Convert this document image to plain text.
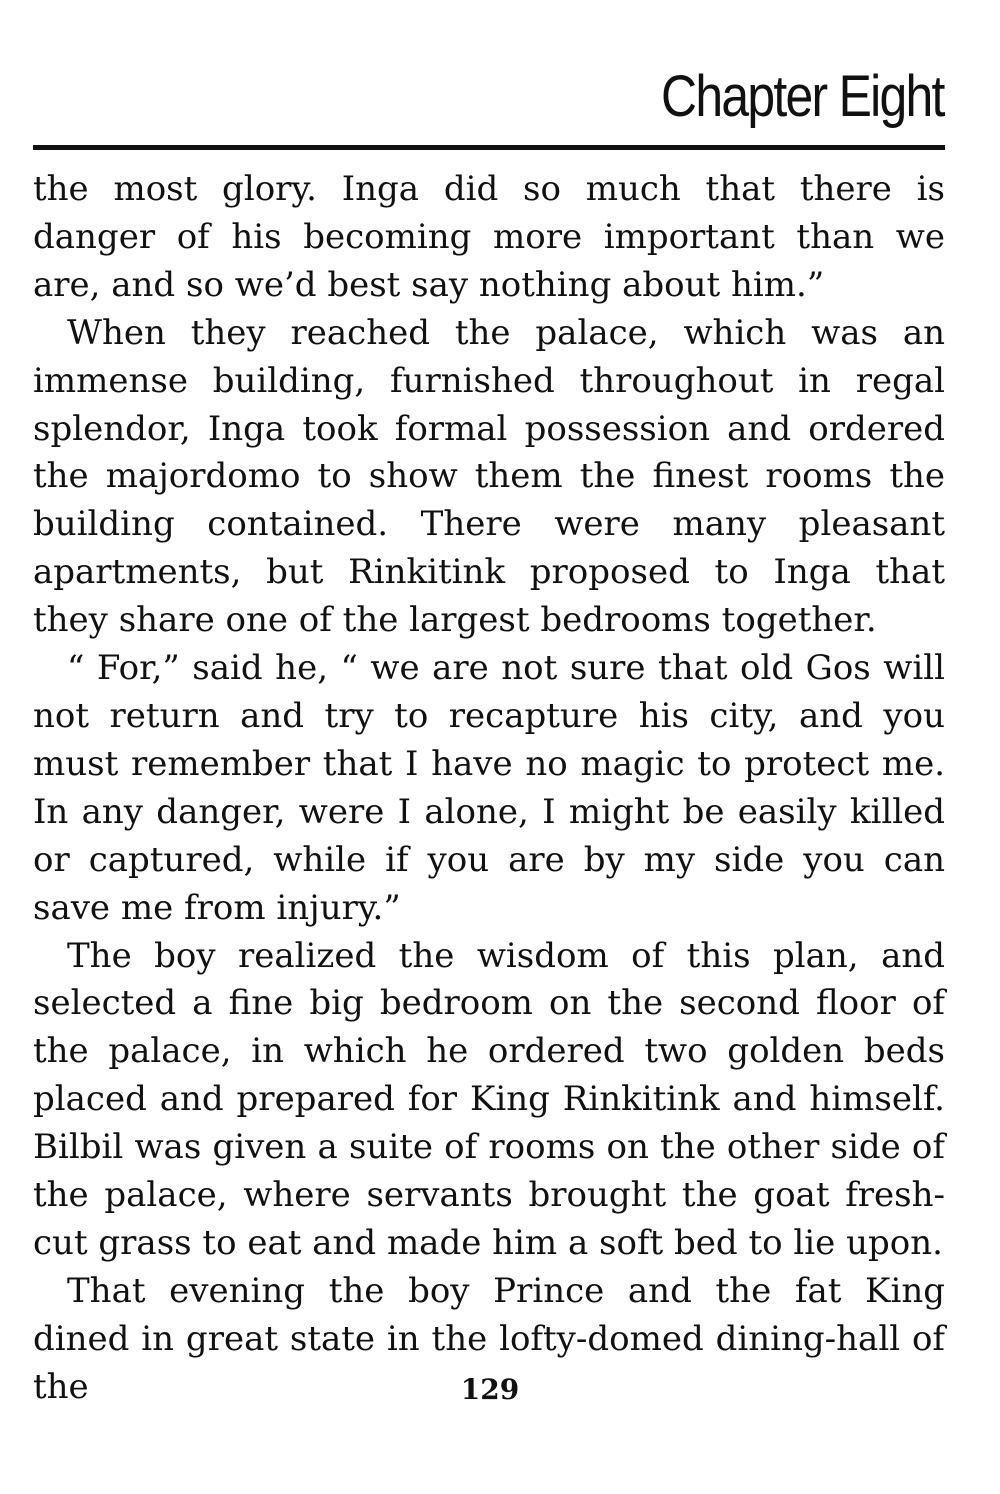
Chapter Eight

the most glory. Inga did so much that there is danger of his becoming more important than we are, and so we’d best say nothing about him.”

When they reached the palace, which was an immense building, furnished throughout in regal splendor, Inga took formal possession and ordered the majordomo to show them the finest rooms the building contained. There were many pleasant apartments, but Rinkitink proposed to Inga that they share one of the largest bedrooms together.

“ For,” said he, “ we are not sure that old Gos will not return and try to recapture his city, and you must remember that I have no magic to protect me. In any danger, were I alone, I might be easily killed or captured, while if you are by my side you can save me from injury.”

The boy realized the wisdom of this plan, and selected a fine big bedroom on the second floor of the palace, in which he ordered two golden beds placed and prepared for King Rinkitink and himself. Bilbil was given a suite of rooms on the other side of the palace, where servants brought the goat fresh-cut grass to eat and made him a soft bed to lie upon.

That evening the boy Prince and the fat King dined in great state in the lofty-domed dining-hall of the	129
